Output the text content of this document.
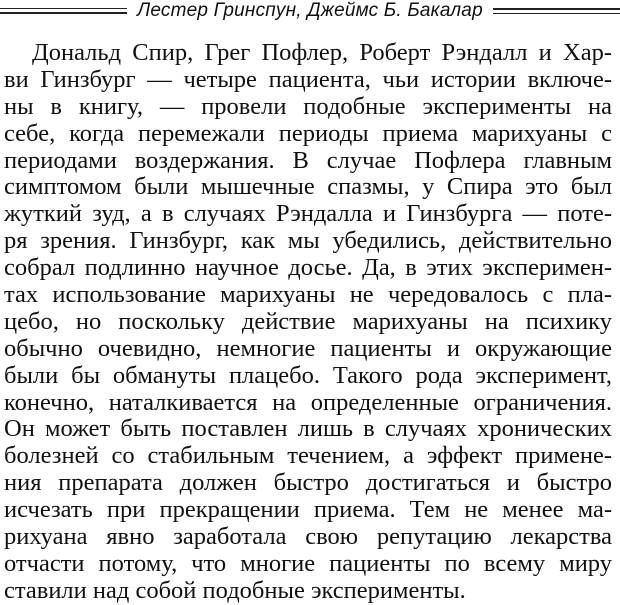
Лестер Гринспун, Джеймс Б. Бакалар
Дональд Спир, Грег Пофлер, Роберт Рэндалл и Хар-
ви Гинзбург — четыре пациента, чьи истории включе-
ны в книгу, — провели подобные эксперименты на
себе, когда перемежали периоды приема марихуаны с
периодами воздержания. В случае Пофлера главным
симптомом были мышечные спазмы, у Спира это был
жуткий зуд, а в случаях Рэндалла и Гинзбурга — поте-
ря зрения. Гинзбург, как мы убедились, действительно
собрал подлинно научное досье. Да, в этих эксперимен-
тах использование марихуаны не чередовалось с пла-
цебо, но поскольку действие марихуаны на психику
обычно очевидно, немногие пациенты и окружающие
были бы обмануты плацебо. Такого рода эксперимент,
конечно, наталкивается на определенные ограничения.
Он может быть поставлен лишь в случаях хронических
болезней со стабильным течением, а эффект примене-
ния препарата должен быстро достигаться и быстро
исчезать при прекращении приема. Тем не менее ма-
рихуана явно заработала свою репутацию лекарства
отчасти потому, что многие пациенты по всему миру
ставили над собой подобные эксперименты.
